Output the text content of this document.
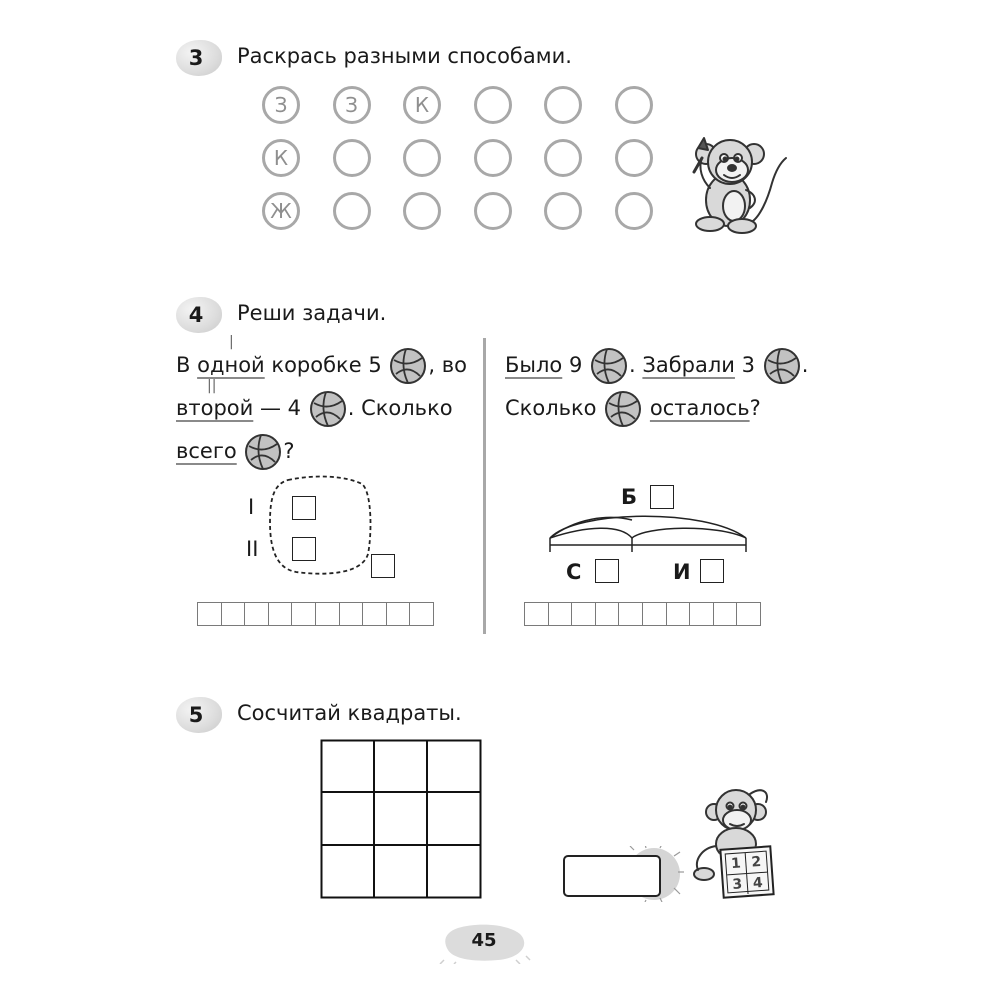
3	Раскрась разными способами.
З	З	К
К
Ж
4	Реши задачи.
|
В одной коробке 5 , во
||
второй — 4 . Сколько
всего ?
I
II
Было 9 . Забрали 3 .
Сколько	осталось?
Б
С	И
5	Сосчитай квадраты.
1 2
3 4
45
